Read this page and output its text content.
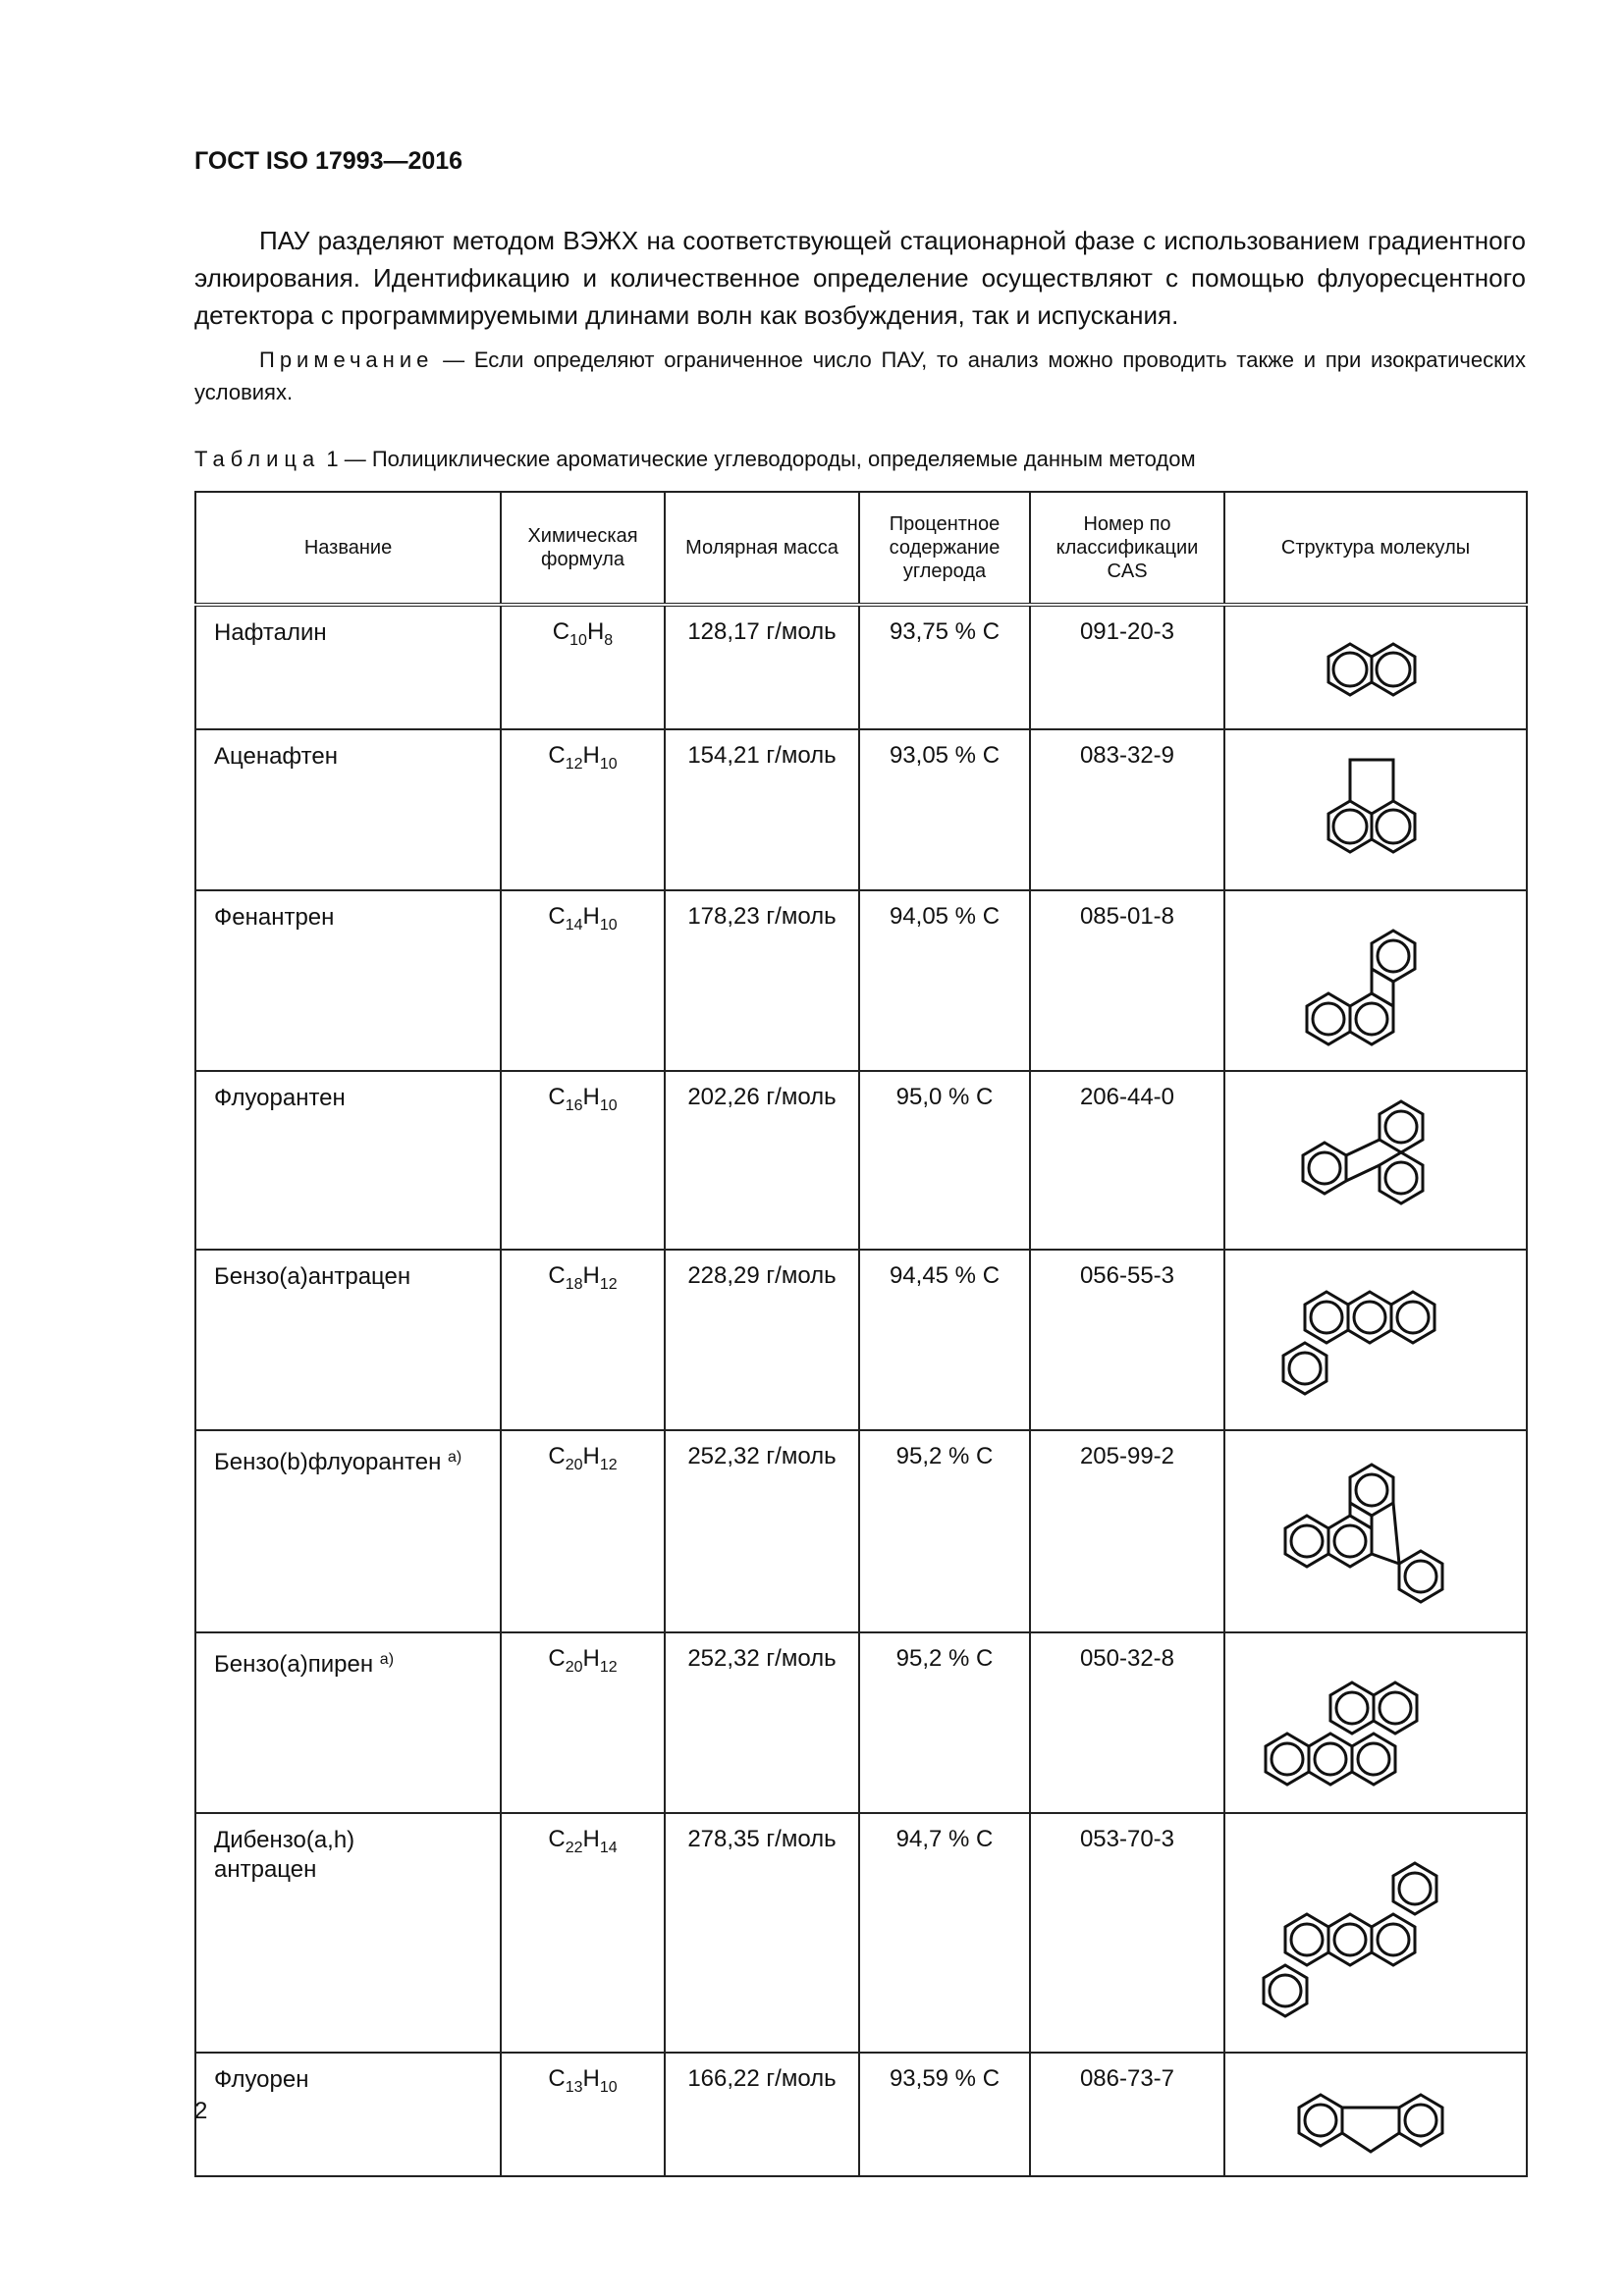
ГОСТ ISO 17993—2016

ПАУ разделяют методом ВЭЖХ на соответствующей стационарной фазе с использованием градиентного элюирования. Идентификацию и количественное определение осуществляют с помощью флуоресцентного детектора с программируемыми длинами волн как возбуждения, так и испускания.

Примечание — Если определяют ограниченное число ПАУ, то анализ можно проводить также и при изократических условиях.

Таблица 1 — Полициклические ароматические углеводороды, определяемые данным методом
Название	Химическая формула	Молярная масса	Процентное содержание углерода	Номер по классификации CAS	Структура молекулы
Нафталин	$C_{10}H_8$	128,17 г/моль	93,75 % C	091-20-3	

Аценафтен	$C_{12}H_{10}$	154,21 г/моль	93,05 % C	083-32-9	

Фенантрен	$C_{14}H_{10}$	178,23 г/моль	94,05 % C	085-01-8	

Флуорантен	$C_{16}H_{10}$	202,26 г/моль	95,0 % C	206-44-0	

Бензо(а)антрацен	$C_{18}H_{12}$	228,29 г/моль	94,45 % C	056-55-3	

Бензо(b)флуорантен $^{а)}$	$C_{20}H_{12}$	252,32 г/моль	95,2 % C	205-99-2	

Бензо(а)пирен $^{а)}$	$C_{20}H_{12}$	252,32 г/моль	95,2 % C	050-32-8	

Дибензо(a,h) антрацен	$C_{22}H_{14}$	278,35 г/моль	94,7 % C	053-70-3	

Флуорен	$C_{13}H_{10}$	166,22 г/моль	93,59 % C	086-73-7	
2
